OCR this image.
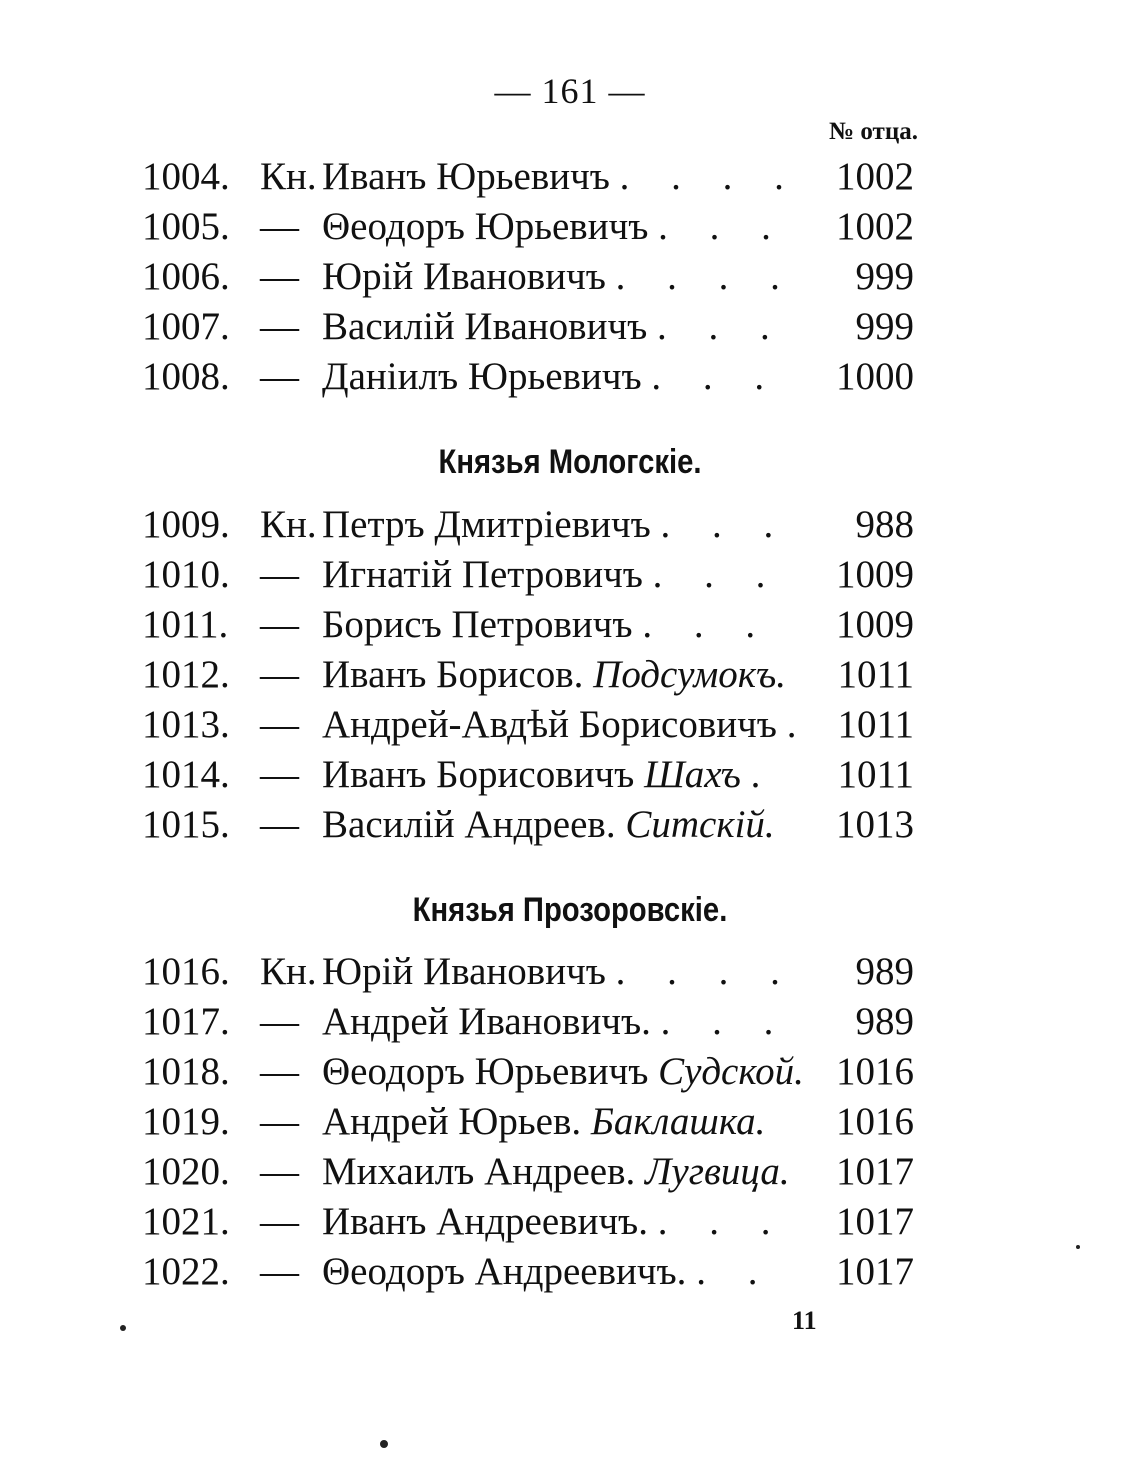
— 161 —
№ отца.
1004. Кн. Иванъ Юрьевичъ . . . . 1002
1005. — Θеодоръ Юрьевичъ . . . 1002
1006. — Юрій Ивановичъ . . . . 999
1007. — Василій Ивановичъ . . . 999
1008. — Даніилъ Юрьевичъ . . . 1000
Князья Мологскіе.
1009. Кн. Петръ Дмитріевичъ . . . 988
1010. — Игнатій Петровичъ . . . 1009
1011. — Борисъ Петровичъ . . . 1009
1012. — Иванъ Борисов. Подсумокъ. 1011
1013. — Андрей-Авдѣй Борисовичъ . 1011
1014. — Иванъ Борисовичъ Шахъ . 1011
1015. — Василій Андреев. Ситскій. 1013
Князья Прозоровскіе.
1016. Кн. Юрій Ивановичъ . . . . 989
1017. — Андрей Ивановичъ. . . . 989
1018. — Θеодоръ Юрьевичъ Судской. 1016
1019. — Андрей Юрьев. Баклашка. 1016
1020. — Михаилъ Андреев. Лугвица. 1017
1021. — Иванъ Андреевичъ. . . . 1017
1022. — Θеодоръ Андреевичъ. . . 1017
11
